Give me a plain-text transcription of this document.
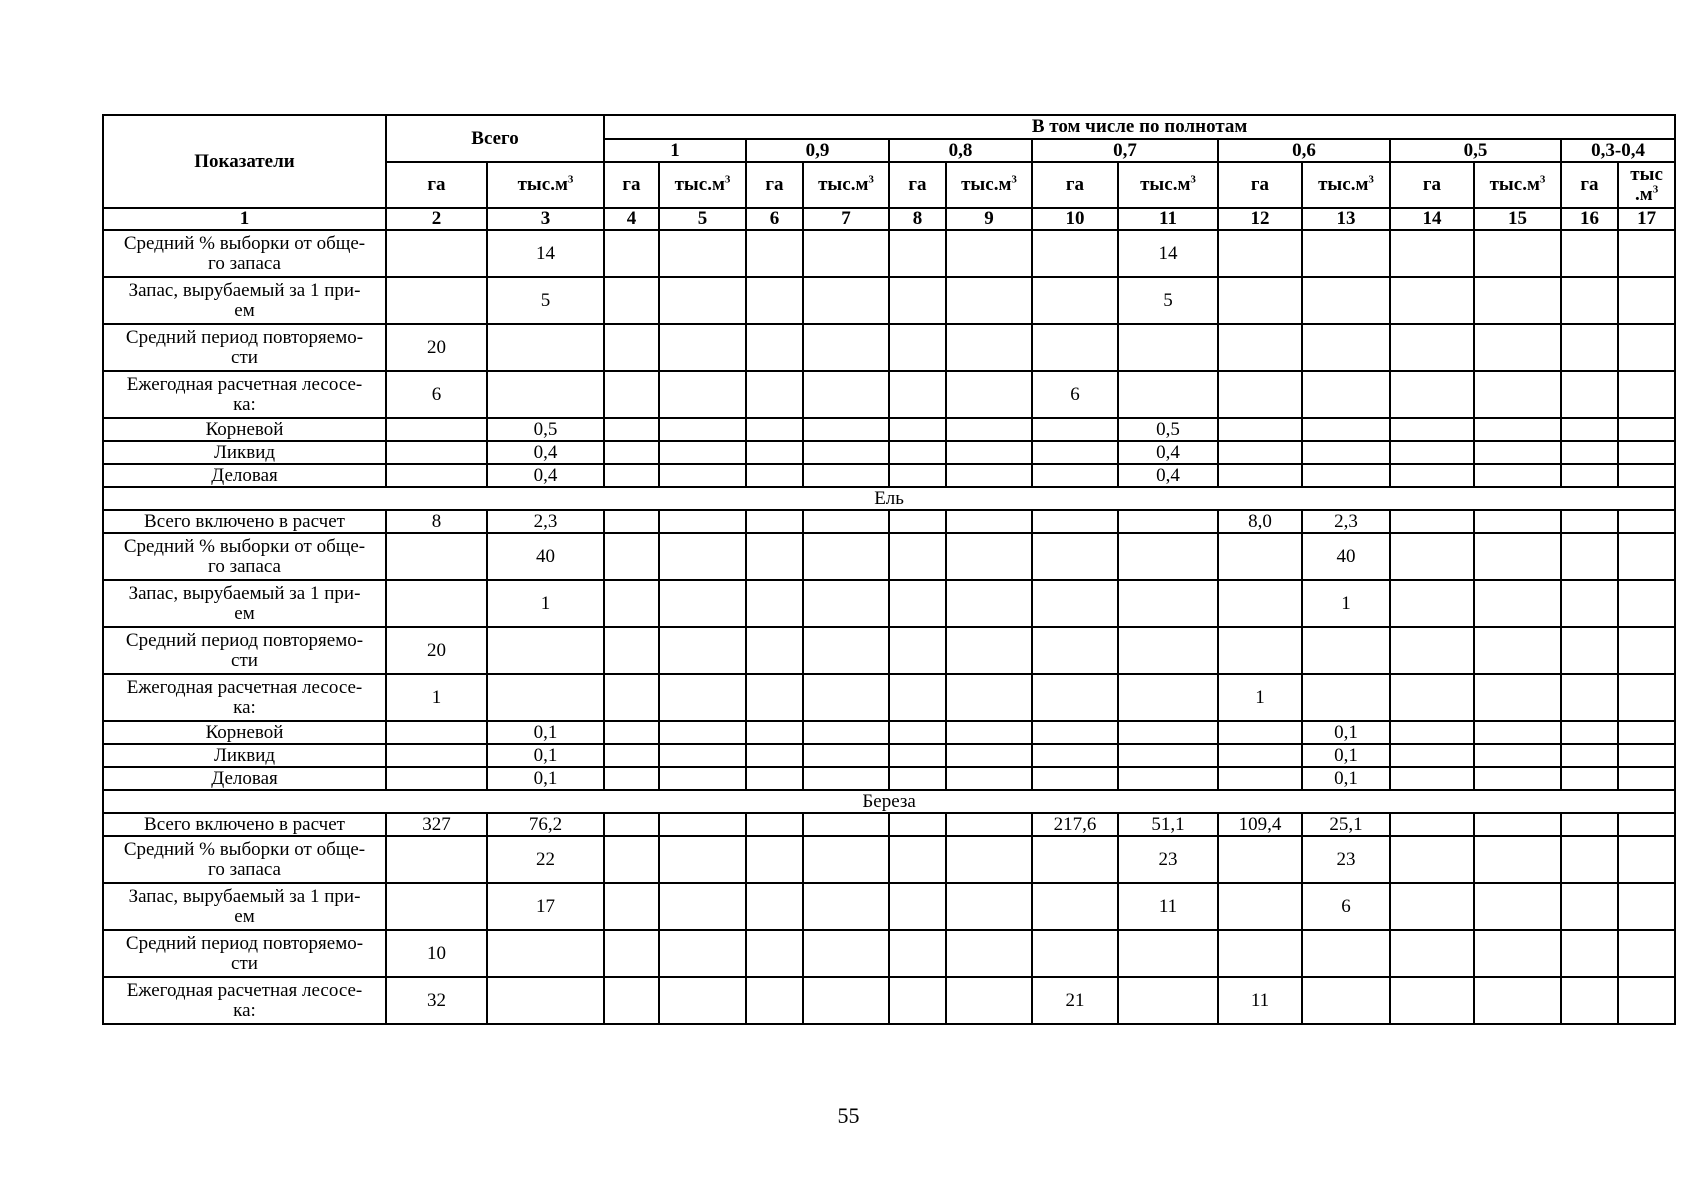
Показатели	Всего		В том числе по полнотам													
			1		0,9		0,8		0,7		0,6		0,5		0,3-0,4	
	га	$тыс.м^3$	га	$тыс.м^3$	га	$тыс.м^3$	га	$тыс.м^3$	га	$тыс.м^3$	га	$тыс.м^3$	га	$тыс.м^3$	га	тыс
$.м^3$

1	2	3	4	5	6	7	8	9	10	11	12	13	14	15	16	17

Средний % выборки от обще-
го запаса		14								14						

Запас, вырубаемый за 1 при-
ем		5								5						

Средний период повторяемо-
сти	20															

Ежегодная расчетная лесосе-
ка:	6								6							

Корневой		0,5								0,5						

Ликвид		0,4								0,4						

Деловая		0,4								0,4						
Ель																

Всего включено в расчет	8	2,3									8,0	2,3				

Средний % выборки от обще-
го запаса		40										40				

Запас, вырубаемый за 1 при-
ем		1										1				

Средний период повторяемо-
сти	20															

Ежегодная расчетная лесосе-
ка:	1										1					

Корневой		0,1										0,1				

Ликвид		0,1										0,1				

Деловая		0,1										0,1				
Береза																

Всего включено в расчет	327	76,2							217,6	51,1	109,4	25,1				

Средний % выборки от обще-
го запаса		22								23		23				

Запас, вырубаемый за 1 при-
ем		17								11		6				

Средний период повторяемо-
сти	10															

Ежегодная расчетная лесосе-
ка:	32								21		11					
55
